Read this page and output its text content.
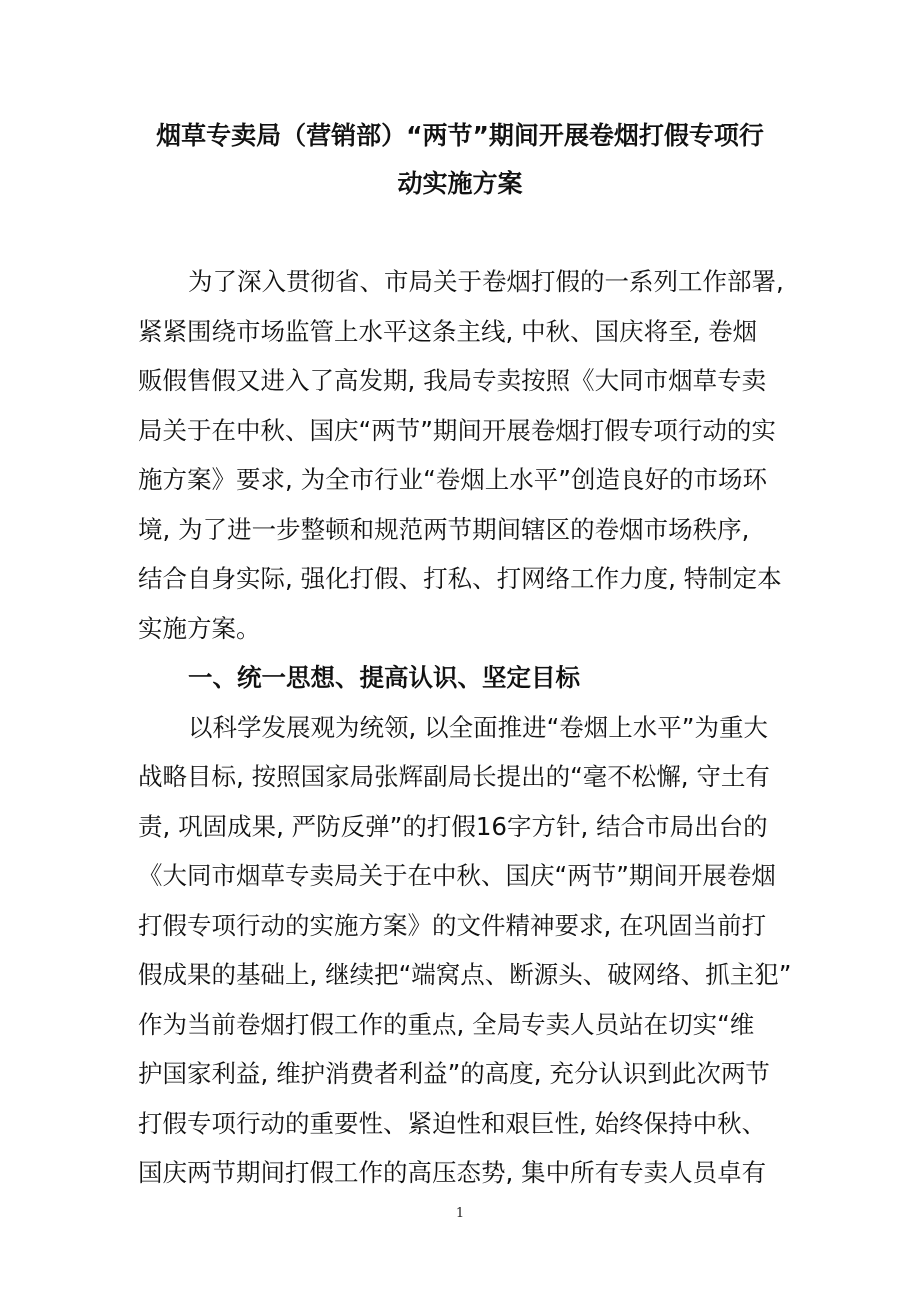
烟草专卖局（营销部）“两节”期间开展卷烟打假专项行
动实施方案
为了深入贯彻省、市局关于卷烟打假的一系列工作部署,
紧紧围绕市场监管上水平这条主线, 中秋、国庆将至, 卷烟
贩假售假又进入了高发期, 我局专卖按照《大同市烟草专卖
局关于在中秋、国庆“两节”期间开展卷烟打假专项行动的实
施方案》要求, 为全市行业“卷烟上水平”创造良好的市场环
境, 为了进一步整顿和规范两节期间辖区的卷烟市场秩序,
结合自身实际, 强化打假、打私、打网络工作力度, 特制定本
实施方案。
一、统一思想、提高认识、坚定目标
以科学发展观为统领, 以全面推进“卷烟上水平”为重大
战略目标, 按照国家局张辉副局长提出的“毫不松懈, 守土有
责, 巩固成果, 严防反弹”的打假16字方针, 结合市局出台的
《大同市烟草专卖局关于在中秋、国庆“两节”期间开展卷烟
打假专项行动的实施方案》的文件精神要求, 在巩固当前打
假成果的基础上, 继续把“端窝点、断源头、破网络、抓主犯”
作为当前卷烟打假工作的重点, 全局专卖人员站在切实“维
护国家利益, 维护消费者利益”的高度, 充分认识到此次两节
打假专项行动的重要性、紧迫性和艰巨性, 始终保持中秋、
国庆两节期间打假工作的高压态势, 集中所有专卖人员卓有
1
